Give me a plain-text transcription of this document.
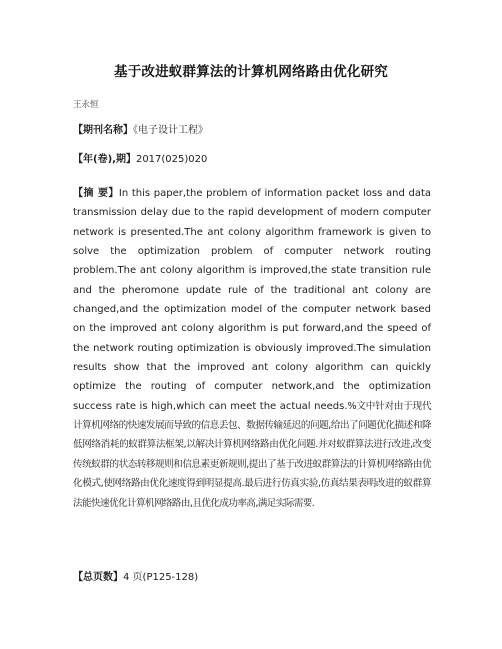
基于改进蚁群算法的计算机网络路由优化研究
王永恒
【期刊名称】《电子设计工程》
【年(卷),期】2017(025)020
【摘 要】In this paper,the problem of information packet loss and data transmission delay due to the rapid development of modern computer network is presented.The ant colony algorithm framework is given to solve the optimization problem of computer network routing problem.The ant colony algorithm is improved,the state transition rule and the pheromone update rule of the traditional ant colony are changed,and the optimization model of the computer network based on the improved ant colony algorithm is put forward,and the speed of the network routing optimization is obviously improved.The simulation results show that the improved ant colony algorithm can quickly optimize the routing of computer network,and the optimization success rate is high,which can meet the actual needs.%文中针对由于现代计算机网络的快速发展而导致的信息丢包、数据传输延迟的问题,给出了问题优化描述和降低网络消耗的蚁群算法框架,以解决计算机网络路由优化问题.并对蚁群算法进行改进,改变传统蚁群的状态转移规则和信息素更新规则,提出了基于改进蚁群算法的计算机网络路由优化模式,使网络路由优化速度得到明显提高.最后进行仿真实验,仿真结果表明改进的蚁群算法能快速优化计算机网络路由,且优化成功率高,满足实际需要.
【总页数】4 页(P125-128)
